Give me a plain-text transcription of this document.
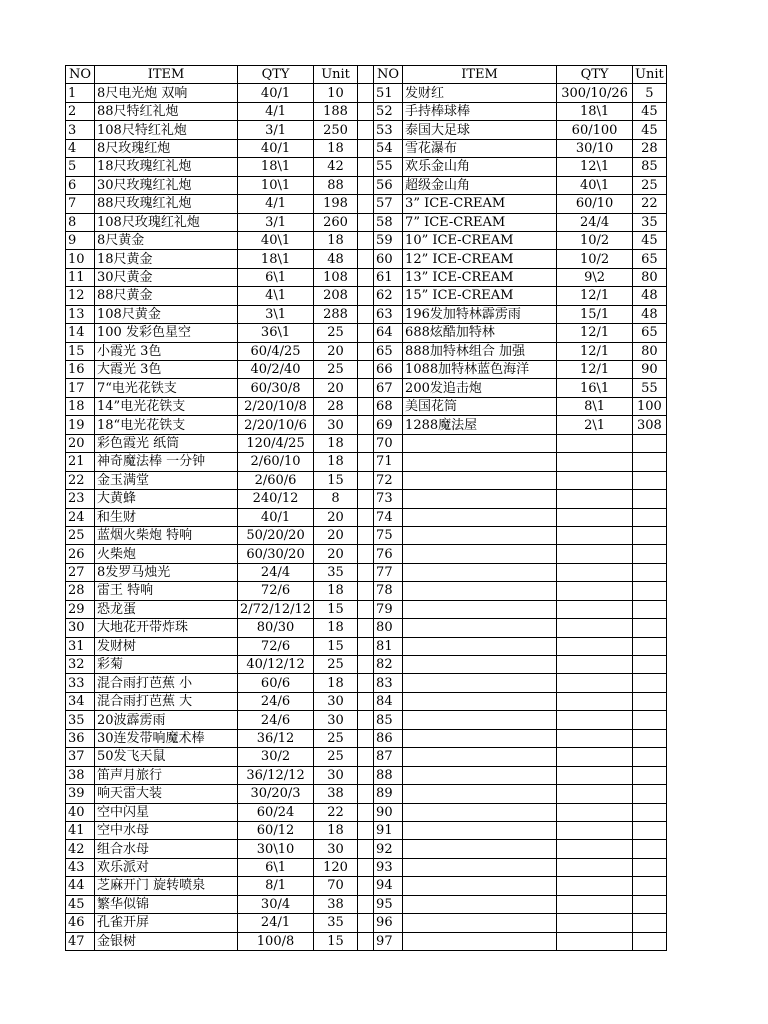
NO	ITEM	QTY	Unit		NO	ITEM	QTY	Unit
1	8尺电光炮 双响	40/1	10		51	发财红	300/10/26	5
2	88尺特红礼炮	4/1	188		52	手持棒球棒	18\1	45
3	108尺特红礼炮	3/1	250		53	泰国大足球	60/100	45
4	8尺玫瑰红炮	40/1	18		54	雪花瀑布	30/10	28
5	18尺玫瑰红礼炮	18\1	42		55	欢乐金山角	12\1	85
6	30尺玫瑰红礼炮	10\1	88		56	超级金山角	40\1	25
7	88尺玫瑰红礼炮	4/1	198		57	3” ICE-CREAM	60/10	22
8	108尺玫瑰红礼炮	3/1	260		58	7” ICE-CREAM	24/4	35
9	8尺黄金	40\1	18		59	10” ICE-CREAM	10/2	45
10	18尺黄金	18\1	48		60	12” ICE-CREAM	10/2	65
11	30尺黄金	6\1	108		61	13” ICE-CREAM	9\2	80
12	88尺黄金	4\1	208		62	15” ICE-CREAM	12/1	48
13	108尺黄金	3\1	288		63	196发加特林霹雳雨	15/1	48
14	100 发彩色星空	36\1	25		64	688炫酷加特林	12/1	65
15	小霞光 3色	60/4/25	20		65	888加特林组合 加强	12/1	80
16	大霞光 3色	40/2/40	25		66	1088加特林蓝色海洋	12/1	90
17	7“电光花铁支	60/30/8	20		67	200发追击炮	16\1	55
18	14”电光花铁支	2/20/10/8	28		68	美国花筒	8\1	100
19	18“电光花铁支	2/20/10/6	30		69	1288魔法屋	2\1	308
20	彩色霞光 纸筒	120/4/25	18		70			
21	神奇魔法棒 一分钟	2/60/10	18		71			
22	金玉满堂	2/60/6	15		72			
23	大黄蜂	240/12	8		73			
24	和生财	40/1	20		74			
25	蓝烟火柴炮 特响	50/20/20	20		75			
26	火柴炮	60/30/20	20		76			
27	8发罗马烛光	24/4	35		77			
28	雷王 特响	72/6	18		78			
29	恐龙蛋	2/72/12/12	15		79			
30	大地花开带炸珠	80/30	18		80			
31	发财树	72/6	15		81			
32	彩菊	40/12/12	25		82			
33	混合雨打芭蕉 小	60/6	18		83			
34	混合雨打芭蕉 大	24/6	30		84			
35	20波霹雳雨	24/6	30		85			
36	30连发带响魔术棒	36/12	25		86			
37	50发飞天鼠	30/2	25		87			
38	笛声月旅行	36/12/12	30		88			
39	响天雷大装	30/20/3	38		89			
40	空中闪星	60/24	22		90			
41	空中水母	60/12	18		91			
42	组合水母	30\10	30		92			
43	欢乐派对	6\1	120		93			
44	芝麻开门 旋转喷泉	8/1	70		94			
45	繁华似锦	30/4	38		95			
46	孔雀开屏	24/1	35		96			
47	金银树	100/8	15		97			
